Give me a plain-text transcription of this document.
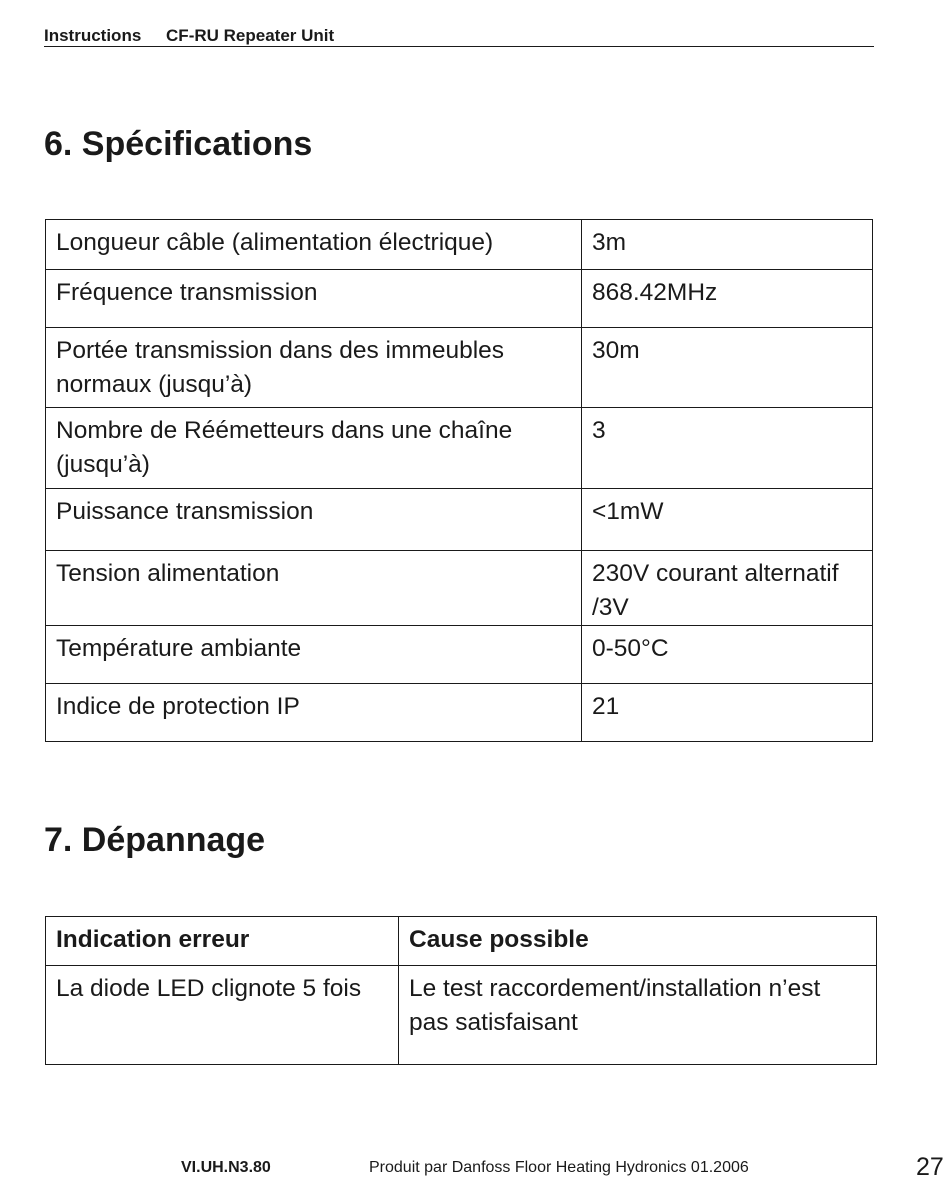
Instructions CF-RU Repeater Unit
6. Spécifications
Longueur câble (alimentation électrique)	3m
Fréquence transmission	868.42MHz
Portée transmission dans des immeubles normaux (jusqu’à)	30m
Nombre de Réémetteurs dans une chaîne (jusqu’à)	3
Puissance transmission	<1mW
Tension alimentation	230V courant alternatif /3V
Température ambiante	0-50°C
Indice de protection IP	21
7. Dépannage
Indication erreur	Cause possible
La diode LED clignote 5 fois	Le test raccordement/installation n’est pas satisfaisant
VI.UH.N3.80	Produit par Danfoss Floor Heating Hydronics 01.2006	27
